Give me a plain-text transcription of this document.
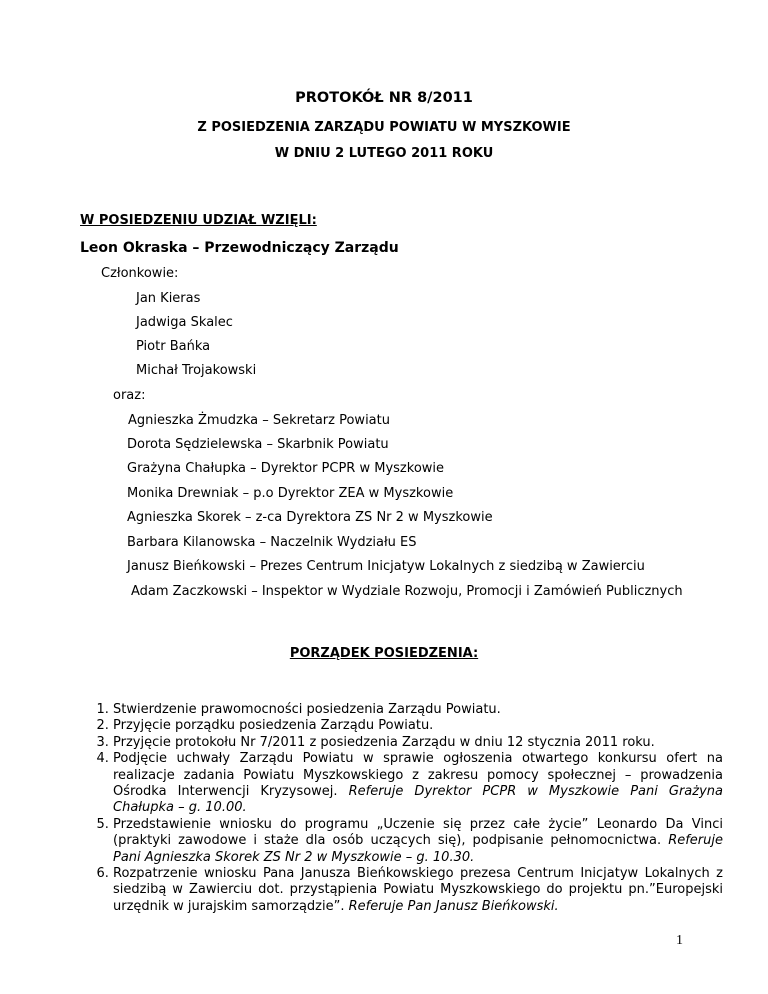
PROTOKÓŁ NR 8/2011
Z POSIEDZENIA ZARZĄDU POWIATU W MYSZKOWIE
W DNIU 2 LUTEGO 2011 ROKU
W POSIEDZENIU UDZIAŁ WZIĘLI:
Leon Okraska – Przewodniczący Zarządu
Członkowie:
Jan Kieras
Jadwiga Skalec
Piotr Bańka
Michał Trojakowski
oraz:
Agnieszka Żmudzka – Sekretarz Powiatu
Dorota Sędzielewska – Skarbnik Powiatu
Grażyna Chałupka – Dyrektor PCPR w Myszkowie
Monika Drewniak – p.o Dyrektor ZEA w Myszkowie
Agnieszka Skorek – z-ca Dyrektora ZS Nr 2 w Myszkowie
Barbara Kilanowska – Naczelnik Wydziału ES
Janusz Bieńkowski – Prezes Centrum Inicjatyw Lokalnych z siedzibą w Zawierciu
Adam Zaczkowski – Inspektor w Wydziale Rozwoju, Promocji i Zamówień Publicznych
PORZĄDEK POSIEDZENIA:
1. Stwierdzenie prawomocności posiedzenia Zarządu Powiatu.
2. Przyjęcie porządku posiedzenia Zarządu Powiatu.
3. Przyjęcie protokołu Nr 7/2011 z posiedzenia Zarządu w dniu 12 stycznia 2011 roku.
4. Podjęcie uchwały Zarządu Powiatu w sprawie ogłoszenia otwartego konkursu ofert na realizacje zadania Powiatu Myszkowskiego z zakresu pomocy społecznej – prowadzenia Ośrodka Interwencji Kryzysowej. Referuje Dyrektor PCPR w Myszkowie Pani Grażyna Chałupka – g. 10.00.
5. Przedstawienie wniosku do programu „Uczenie się przez całe życie” Leonardo Da Vinci (praktyki zawodowe i staże dla osób uczących się), podpisanie pełnomocnictwa. Referuje Pani Agnieszka Skorek ZS Nr 2 w Myszkowie – g. 10.30.
6. Rozpatrzenie wniosku Pana Janusza Bieńkowskiego prezesa Centrum Inicjatyw Lokalnych z siedzibą w Zawierciu dot. przystąpienia Powiatu Myszkowskiego do projektu pn.”Europejski urzędnik w jurajskim samorządzie”. Referuje Pan Janusz Bieńkowski.
1
